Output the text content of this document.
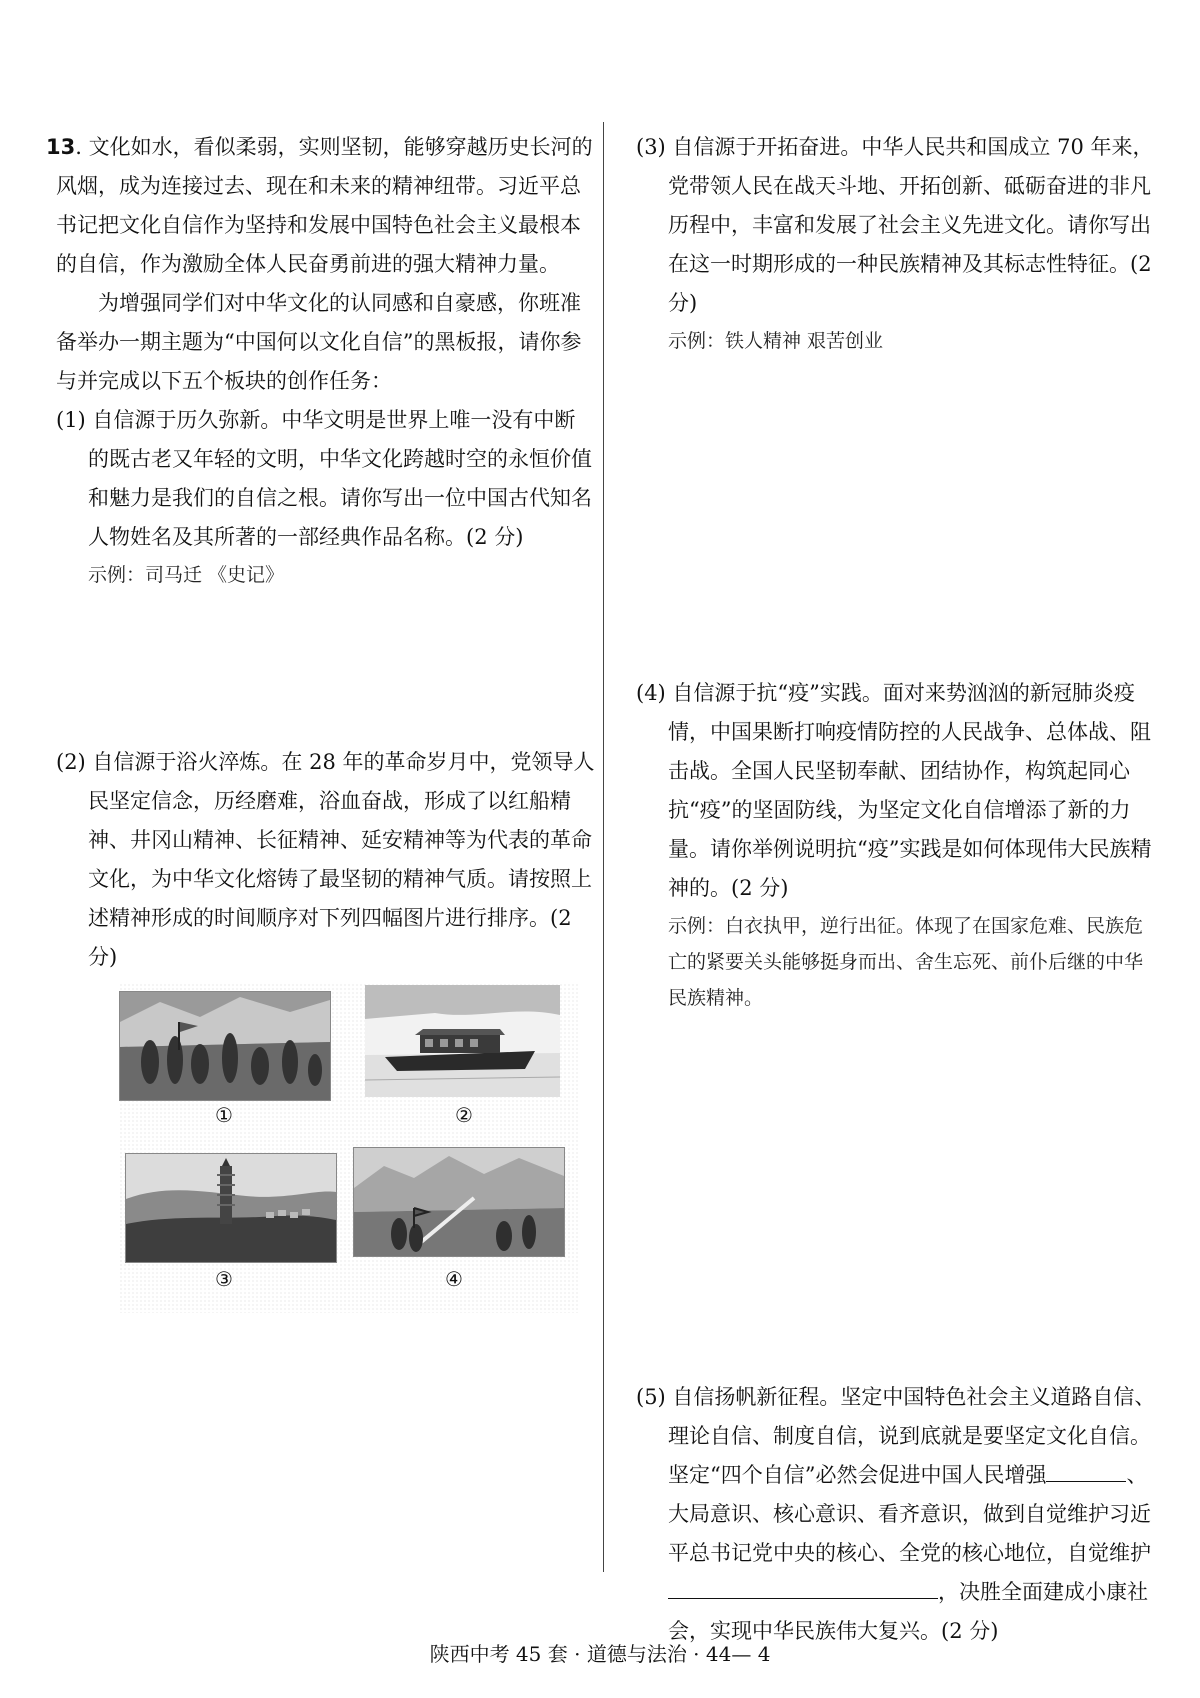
13. 文化如水，看似柔弱，实则坚韧，能够穿越历史长河的风烟，成为连接过去、现在和未来的精神纽带。习近平总书记把文化自信作为坚持和发展中国特色社会主义最根本的自信，作为激励全体人民奋勇前进的强大精神力量。

为增强同学们对中华文化的认同感和自豪感，你班准备举办一期主题为“中国何以文化自信”的黑板报，请你参与并完成以下五个板块的创作任务：

(1) 自信源于历久弥新。中华文明是世界上唯一没有中断的既古老又年轻的文明，中华文化跨越时空的永恒价值和魅力是我们的自信之根。请你写出一位中国古代知名人物姓名及其所著的一部经典作品名称。(2 分)

示例：司马迁 《史记》

(2) 自信源于浴火淬炼。在 28 年的革命岁月中，党领导人民坚定信念，历经磨难，浴血奋战，形成了以红船精神、井冈山精神、长征精神、延安精神等为代表的革命文化，为中华文化熔铸了最坚韧的精神气质。请按照上述精神形成的时间顺序对下列四幅图片进行排序。(2 分)

①	②
③	④

(3) 自信源于开拓奋进。中华人民共和国成立 70 年来，党带领人民在战天斗地、开拓创新、砥砺奋进的非凡历程中，丰富和发展了社会主义先进文化。请你写出在这一时期形成的一种民族精神及其标志性特征。(2 分)

示例：铁人精神 艰苦创业

(4) 自信源于抗“疫”实践。面对来势汹汹的新冠肺炎疫情，中国果断打响疫情防控的人民战争、总体战、阻击战。全国人民坚韧奉献、团结协作，构筑起同心抗“疫”的坚固防线，为坚定文化自信增添了新的力量。请你举例说明抗“疫”实践是如何体现伟大民族精神的。(2 分)

示例：白衣执甲，逆行出征。体现了在国家危难、民族危亡的紧要关头能够挺身而出、舍生忘死、前仆后继的中华民族精神。

(5) 自信扬帆新征程。坚定中国特色社会主义道路自信、理论自信、制度自信，说到底就是要坚定文化自信。坚定“四个自信”必然会促进中国人民增强	、大局意识、核心意识、看齐意识，做到自觉维护习近平总书记党中央的核心、全党的核心地位，自觉维护，决胜全面建成小康社会，实现中华民族伟大复兴。(2 分)

陕西中考 45 套 · 道德与法治 · 44— 4
